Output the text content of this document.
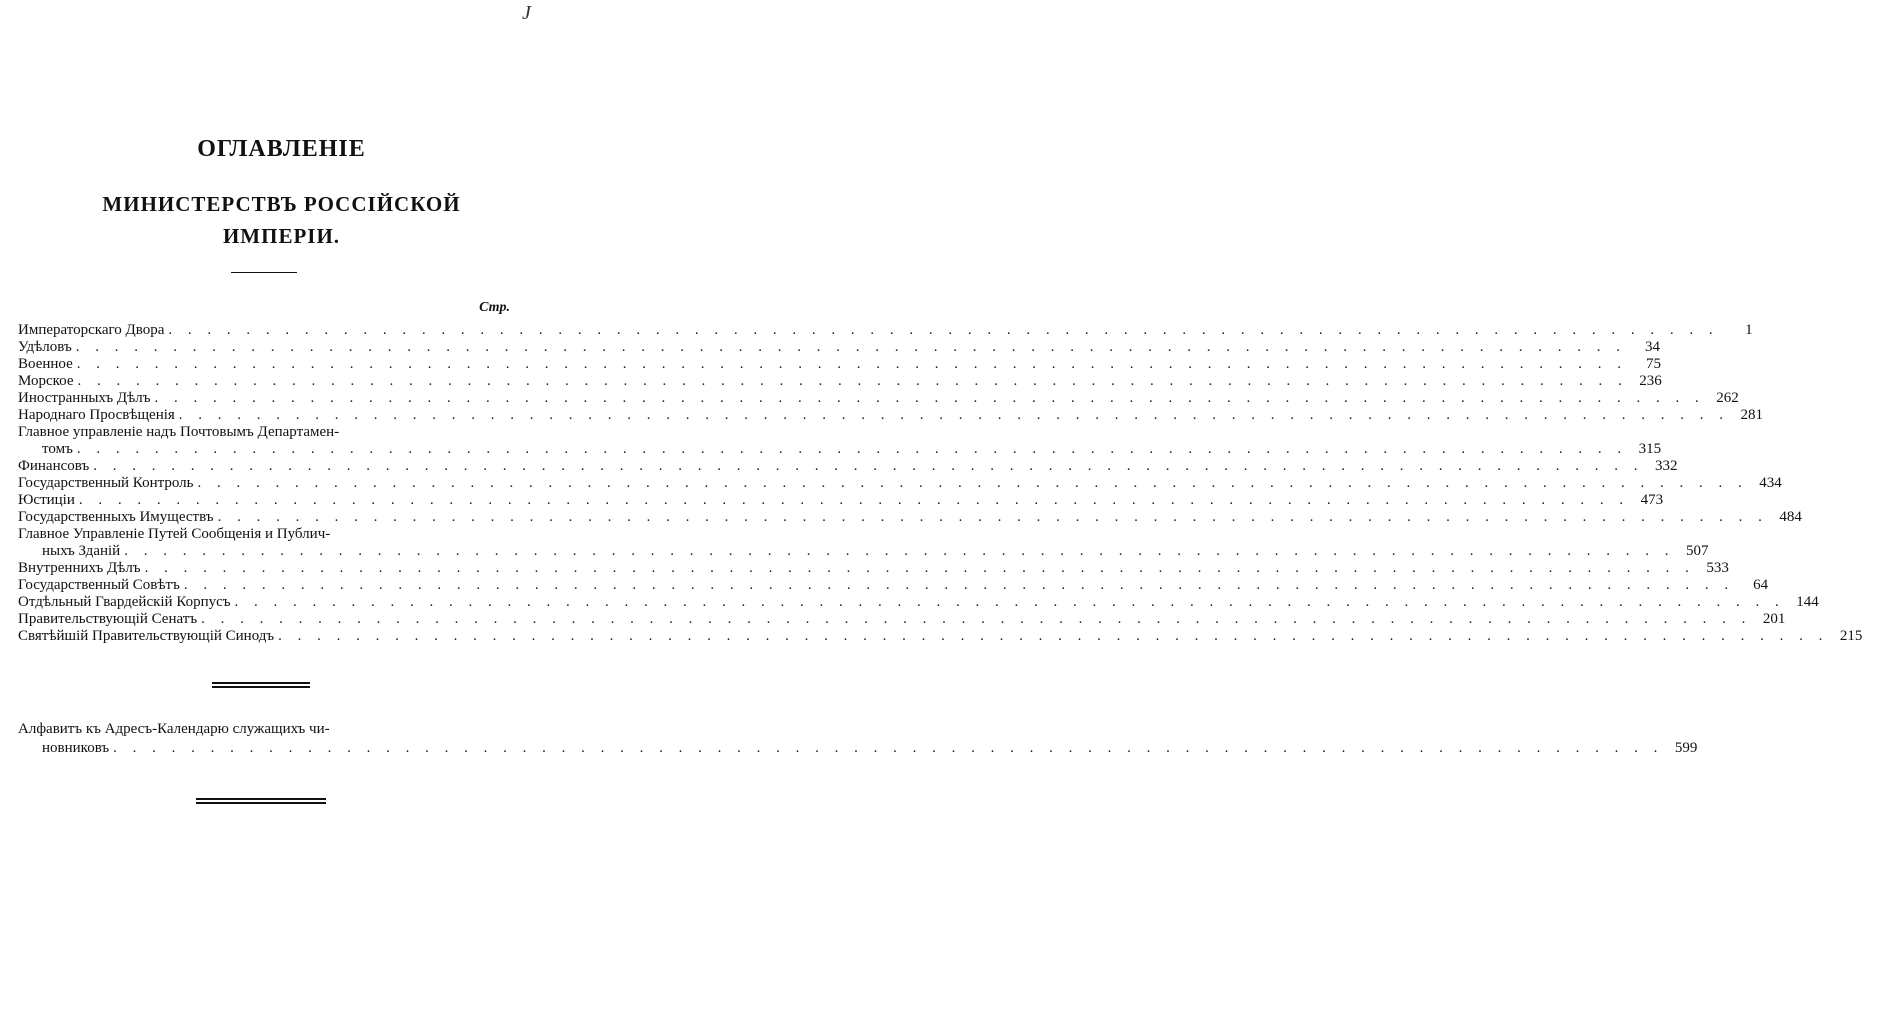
Ј
ОГЛАВЛЕНІЕ
МИНИСТЕРСТВЪ РОССІЙСКОЙ
ИМПЕРІИ.
Стр.
Императорскаго Двора . . . . . . . . . . . . . . . . . . . . . . . . . . . . . . . . . . . . . . . . . . . . . . . . . . . . . . . . . . . . . . . . . . . . . . . . . . . . . . . .	1
Удѣловъ . . . . . . . . . . . . . . . . . . . . . . . . . . . . . . . . . . . . . . . . . . . . . . . . . . . . . . . . . . . . . . . . . . . . . . . . . . . . . . . .	34
Военное . . . . . . . . . . . . . . . . . . . . . . . . . . . . . . . . . . . . . . . . . . . . . . . . . . . . . . . . . . . . . . . . . . . . . . . . . . . . . . . .	75
Морское . . . . . . . . . . . . . . . . . . . . . . . . . . . . . . . . . . . . . . . . . . . . . . . . . . . . . . . . . . . . . . . . . . . . . . . . . . . . . . . . 236
Иностранныхъ Дѣлъ . . . . . . . . . . . . . . . . . . . . . . . . . . . . . . . . . . . . . . . . . . . . . . . . . . . . . . . . . . . . . . . . . . . . . . . . . . . . . . . . 262
Народнаго Просвѣщенія . . . . . . . . . . . . . . . . . . . . . . . . . . . . . . . . . . . . . . . . . . . . . . . . . . . . . . . . . . . . . . . . . . . . . . . . . . . . . . . . 281
Главное управленіе надъ Почтовымъ Департамен-
томъ . . . . . . . . . . . . . . . . . . . . . . . . . . . . . . . . . . . . . . . . . . . . . . . . . . . . . . . . . . . . . . . . . . . . . . . . . . . . . . . . 315
Финансовъ . . . . . . . . . . . . . . . . . . . . . . . . . . . . . . . . . . . . . . . . . . . . . . . . . . . . . . . . . . . . . . . . . . . . . . . . . . . . . . . . 332
Государственный Контроль . . . . . . . . . . . . . . . . . . . . . . . . . . . . . . . . . . . . . . . . . . . . . . . . . . . . . . . . . . . . . . . . . . . . . . . . . . . . . . . . 434
Юстиціи . . . . . . . . . . . . . . . . . . . . . . . . . . . . . . . . . . . . . . . . . . . . . . . . . . . . . . . . . . . . . . . . . . . . . . . . . . . . . . . . 473
Государственныхъ Имуществъ . . . . . . . . . . . . . . . . . . . . . . . . . . . . . . . . . . . . . . . . . . . . . . . . . . . . . . . . . . . . . . . . . . . . . . . . . . . . . . . . 484
Главное Управленіе Путей Сообщенія и Публич-
ныхъ Зданій . . . . . . . . . . . . . . . . . . . . . . . . . . . . . . . . . . . . . . . . . . . . . . . . . . . . . . . . . . . . . . . . . . . . . . . . . . . . . . . . 507
Внутреннихъ Дѣлъ . . . . . . . . . . . . . . . . . . . . . . . . . . . . . . . . . . . . . . . . . . . . . . . . . . . . . . . . . . . . . . . . . . . . . . . . . . . . . . . . 533
Государственный Совѣтъ . . . . . . . . . . . . . . . . . . . . . . . . . . . . . . . . . . . . . . . . . . . . . . . . . . . . . . . . . . . . . . . . . . . . . . . . . . . . . . . .	64
Отдѣльный Гвардейскій Корпусъ . . . . . . . . . . . . . . . . . . . . . . . . . . . . . . . . . . . . . . . . . . . . . . . . . . . . . . . . . . . . . . . . . . . . . . . . . . . . . . . . 144
Правительствующій Сенатъ . . . . . . . . . . . . . . . . . . . . . . . . . . . . . . . . . . . . . . . . . . . . . . . . . . . . . . . . . . . . . . . . . . . . . . . . . . . . . . . . 201
Святѣйшій Правительствующій Синодъ . . . . . . . . . . . . . . . . . . . . . . . . . . . . . . . . . . . . . . . . . . . . . . . . . . . . . . . . . . . . . . . . . . . . . . . . . . . . . . . . 215
Алфавитъ къ Адресъ-Календарю служащихъ чи-
новниковъ . . . . . . . . . . . . . . . . . . . . . . . . . . . . . . . . . . . . . . . . . . . . . . . . . . . . . . . . . . . . . . . . . . . . . . . . . . . . . . . . 599
